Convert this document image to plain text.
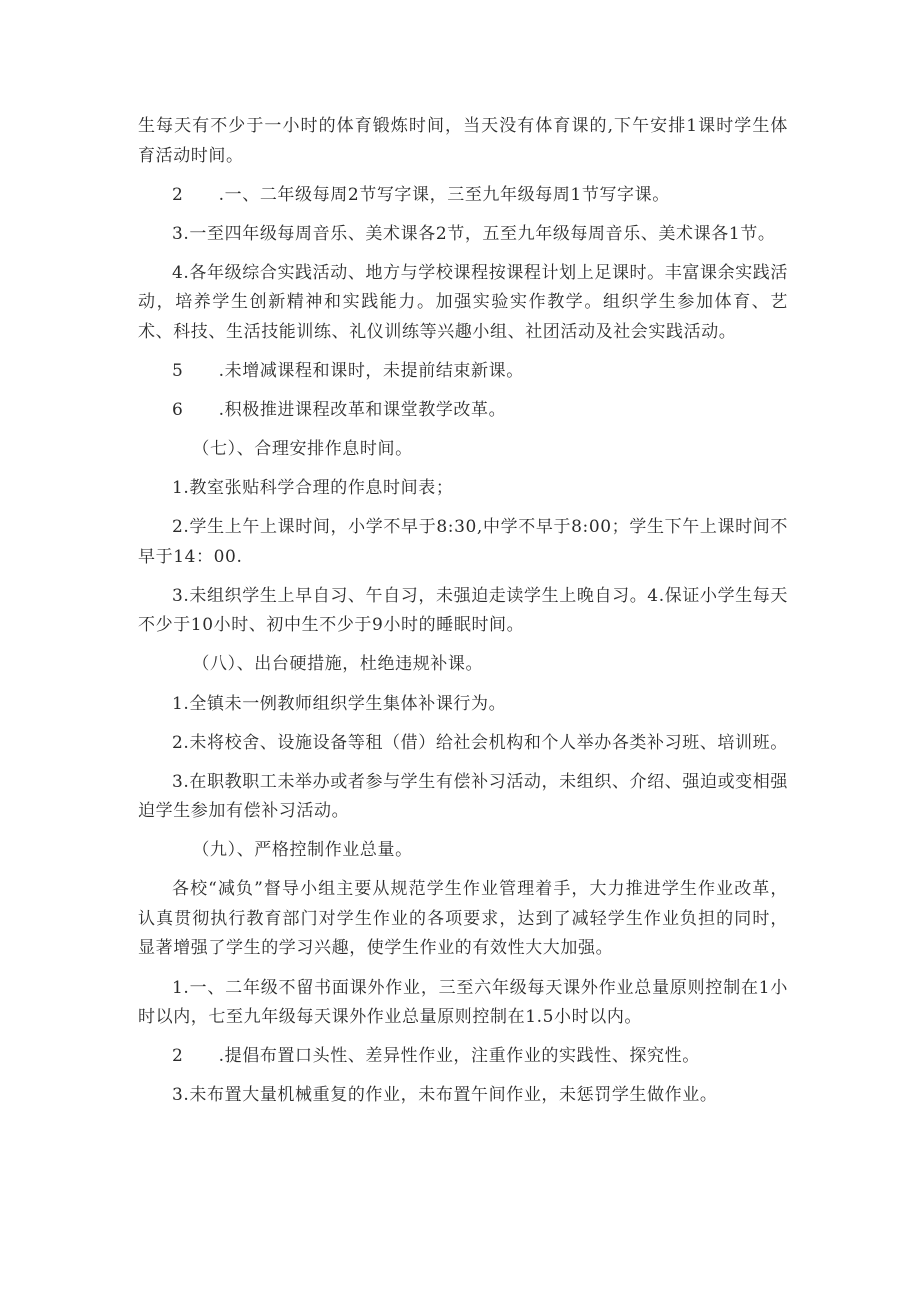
生每天有不少于一小时的体育锻炼时间，当天没有体育课的,下午安排1课时学生体育活动时间。

2　　.一、二年级每周2节写字课，三至九年级每周1节写字课。

3.一至四年级每周音乐、美术课各2节，五至九年级每周音乐、美术课各1节。

4.各年级综合实践活动、地方与学校课程按课程计划上足课时。丰富课余实践活动，培养学生创新精神和实践能力。加强实验实作教学。组织学生参加体育、艺术、科技、生活技能训练、礼仪训练等兴趣小组、社团活动及社会实践活动。

5　　.未增减课程和课时，未提前结束新课。

6　　.积极推进课程改革和课堂教学改革。

（七）、合理安排作息时间。

1.教室张贴科学合理的作息时间表；

2.学生上午上课时间，小学不早于8:30,中学不早于8:00；学生下午上课时间不早于14：00.

3.未组织学生上早自习、午自习，未强迫走读学生上晚自习。4.保证小学生每天不少于10小时、初中生不少于9小时的睡眠时间。

（八）、出台硬措施，杜绝违规补课。

1.全镇未一例教师组织学生集体补课行为。

2.未将校舍、设施设备等租（借）给社会机构和个人举办各类补习班、培训班。

3.在职教职工未举办或者参与学生有偿补习活动，未组织、介绍、强迫或变相强迫学生参加有偿补习活动。

（九）、严格控制作业总量。

各校“减负”督导小组主要从规范学生作业管理着手，大力推进学生作业改革，认真贯彻执行教育部门对学生作业的各项要求，达到了减轻学生作业负担的同时，显著增强了学生的学习兴趣，使学生作业的有效性大大加强。

1.一、二年级不留书面课外作业，三至六年级每天课外作业总量原则控制在1小时以内，七至九年级每天课外作业总量原则控制在1.5小时以内。

2　　.提倡布置口头性、差异性作业，注重作业的实践性、探究性。

3.未布置大量机械重复的作业，未布置午间作业，未惩罚学生做作业。
